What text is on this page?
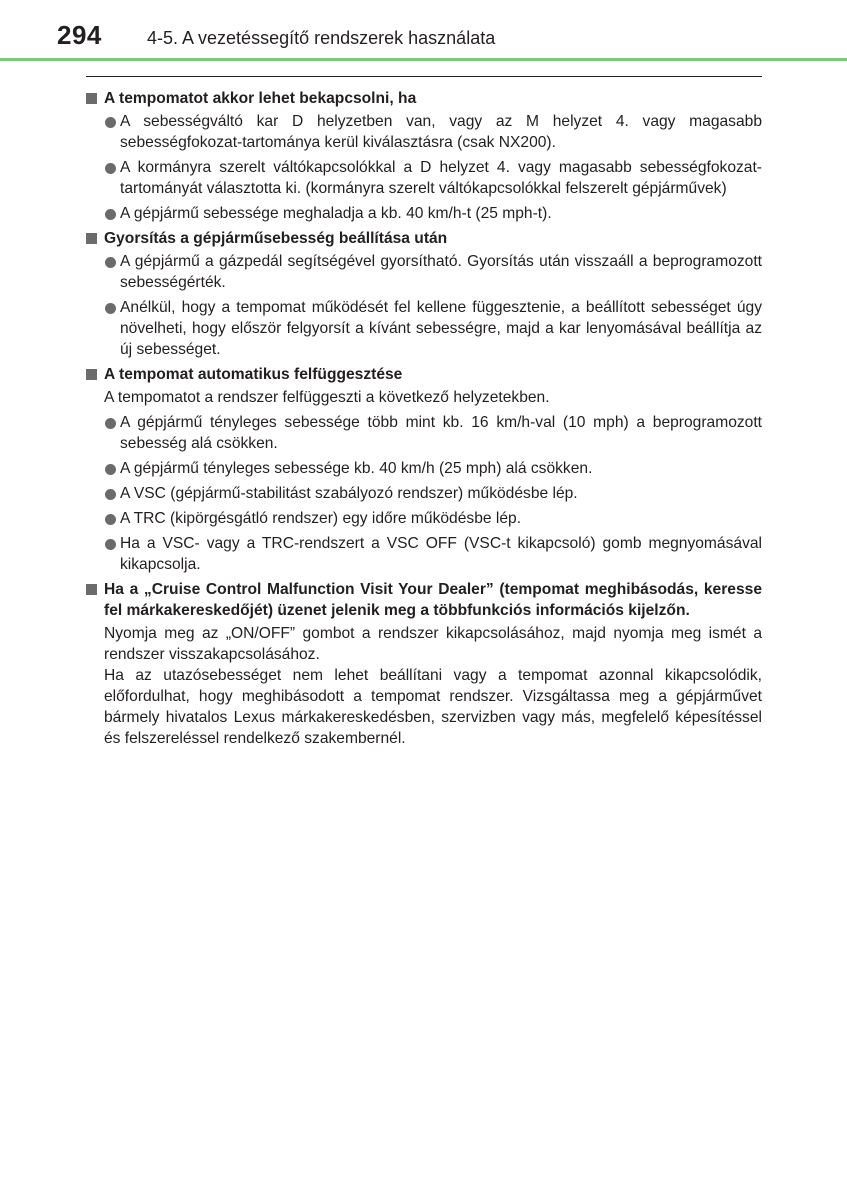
294	4-5. A vezetéssegítő rendszerek használata
A tempomatot akkor lehet bekapcsolni, ha
A sebességváltó kar D helyzetben van, vagy az M helyzet 4. vagy magasabb sebességfokozat-tartománya kerül kiválasztásra (csak NX200).
A kormányra szerelt váltókapcsolókkal a D helyzet 4. vagy magasabb sebességfokozat-tartományát választotta ki. (kormányra szerelt váltókapcsolókkal felszerelt gépjárművek)
A gépjármű sebessége meghaladja a kb. 40 km/h-t (25 mph-t).
Gyorsítás a gépjárműsebesség beállítása után
A gépjármű a gázpedál segítségével gyorsítható. Gyorsítás után visszaáll a beprogramozott sebességérték.
Anélkül, hogy a tempomat működését fel kellene függesztenie, a beállított sebességet úgy növelheti, hogy először felgyorsít a kívánt sebességre, majd a kar lenyomásával beállítja az új sebességet.
A tempomat automatikus felfüggesztése
A tempomatot a rendszer felfüggeszti a következő helyzetekben.
A gépjármű tényleges sebessége több mint kb. 16 km/h-val (10 mph) a beprogramozott sebesség alá csökken.
A gépjármű tényleges sebessége kb. 40 km/h (25 mph) alá csökken.
A VSC (gépjármű-stabilitást szabályozó rendszer) működésbe lép.
A TRC (kipörgésgátló rendszer) egy időre működésbe lép.
Ha a VSC- vagy a TRC-rendszert a VSC OFF (VSC-t kikapcsoló) gomb megnyomásával kikapcsolja.
Ha a „Cruise Control Malfunction Visit Your Dealer” (tempomat meghibásodás, keresse fel márkakereskedőjét) üzenet jelenik meg a többfunkciós információs kijelzőn.
Nyomja meg az „ON/OFF” gombot a rendszer kikapcsolásához, majd nyomja meg ismét a rendszer visszakapcsolásához.
Ha az utazósebességet nem lehet beállítani vagy a tempomat azonnal kikapcsolódik, előfordulhat, hogy meghibásodott a tempomat rendszer. Vizsgáltassa meg a gépjárművet bármely hivatalos Lexus márkakereskedésben, szervizben vagy más, megfelelő képesítéssel és felszereléssel rendelkező szakembernél.
